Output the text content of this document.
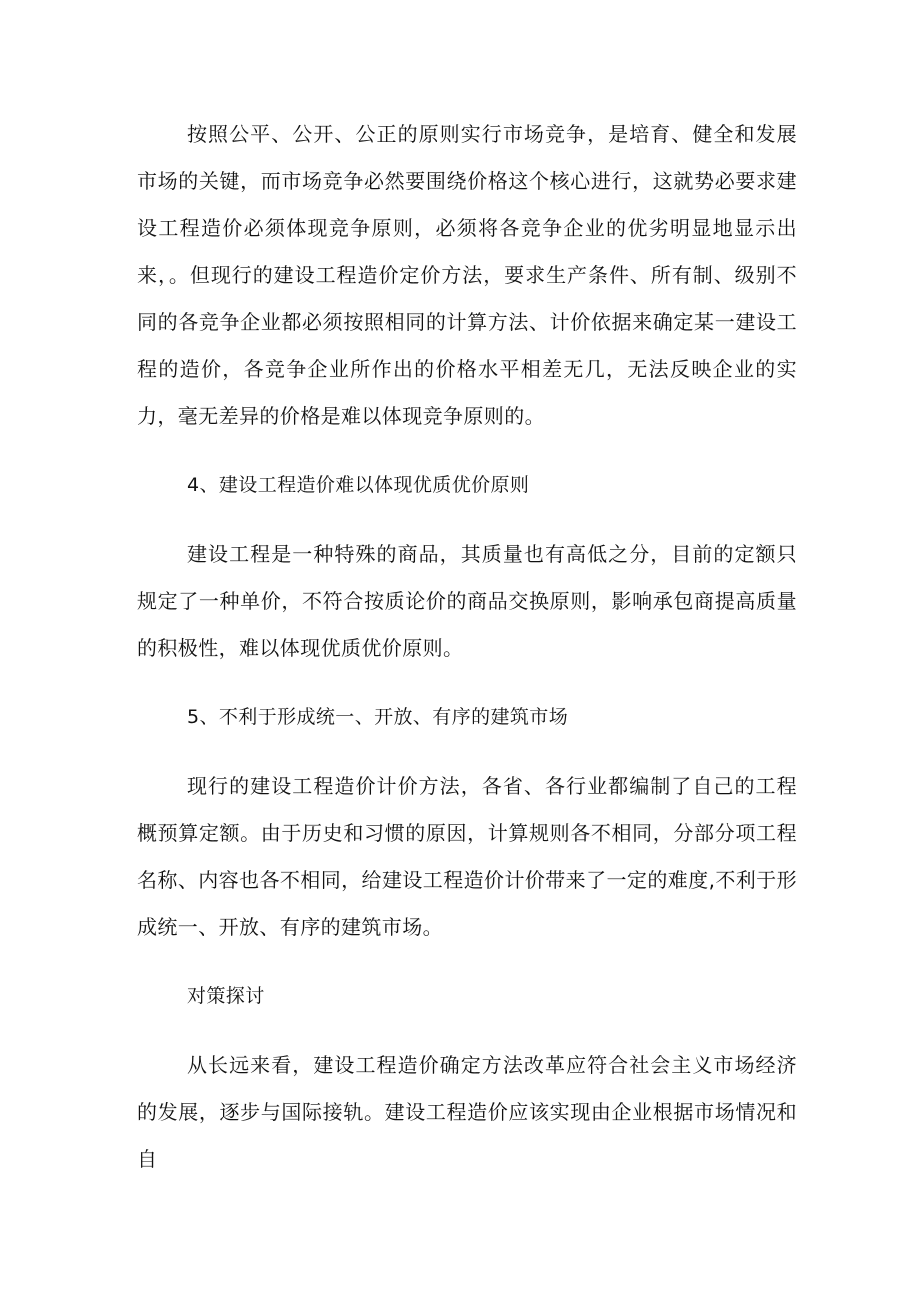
按照公平、公开、公正的原则实行市场竞争，是培育、健全和发展市场的关键，而市场竞争必然要围绕价格这个核心进行，这就势必要求建设工程造价必须体现竞争原则，必须将各竞争企业的优劣明显地显示出来，。但现行的建设工程造价定价方法，要求生产条件、所有制、级别不同的各竞争企业都必须按照相同的计算方法、计价依据来确定某一建设工程的造价，各竞争企业所作出的价格水平相差无几，无法反映企业的实力，毫无差异的价格是难以体现竞争原则的。

4、建设工程造价难以体现优质优价原则

建设工程是一种特殊的商品，其质量也有高低之分，目前的定额只规定了一种单价，不符合按质论价的商品交换原则，影响承包商提高质量的积极性，难以体现优质优价原则。

5、不利于形成统一、开放、有序的建筑市场

现行的建设工程造价计价方法，各省、各行业都编制了自己的工程概预算定额。由于历史和习惯的原因，计算规则各不相同，分部分项工程名称、内容也各不相同，给建设工程造价计价带来了一定的难度,不利于形成统一、开放、有序的建筑市场。

对策探讨

从长远来看，建设工程造价确定方法改革应符合社会主义市场经济的发展，逐步与国际接轨。建设工程造价应该实现由企业根据市场情况和自
